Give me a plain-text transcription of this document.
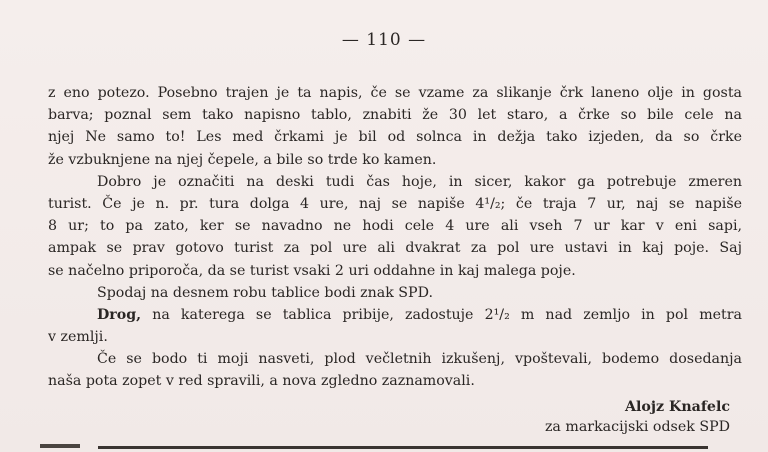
— 110 —
z eno potezo. Posebno trajen je ta napis, če se vzame za slikanje črk laneno olje in gosta
barva; poznal sem tako napisno tablo, znabiti že 30 let staro, a črke so bile cele na
njej Ne samo to! Les med črkami je bil od solnca in dežja tako izjeden, da so črke
že vzbuknjene na njej čepele, a bile so trde ko kamen.
Dobro je označiti na deski tudi čas hoje, in sicer, kakor ga potrebuje zmeren
turist. Če je n. pr. tura dolga 4 ure, naj se napiše 4¹/₂; če traja 7 ur, naj se napiše
8 ur; to pa zato, ker se navadno ne hodi cele 4 ure ali vseh 7 ur kar v eni sapi,
ampak se prav gotovo turist za pol ure ali dvakrat za pol ure ustavi in kaj poje. Saj
se načelno priporoča, da se turist vsaki 2 uri oddahne in kaj malega poje.
Spodaj na desnem robu tablice bodi znak SPD.
Drog, na katerega se tablica pribije, zadostuje 2¹/₂ m nad zemljo in pol metra
v zemlji.
Če se bodo ti moji nasveti, plod večletnih izkušenj, vpoštevali, bodemo dosedanja
naša pota zopet v red spravili, a nova zgledno zaznamovali.
Alojz Knafelc
za markacijski odsek SPD
